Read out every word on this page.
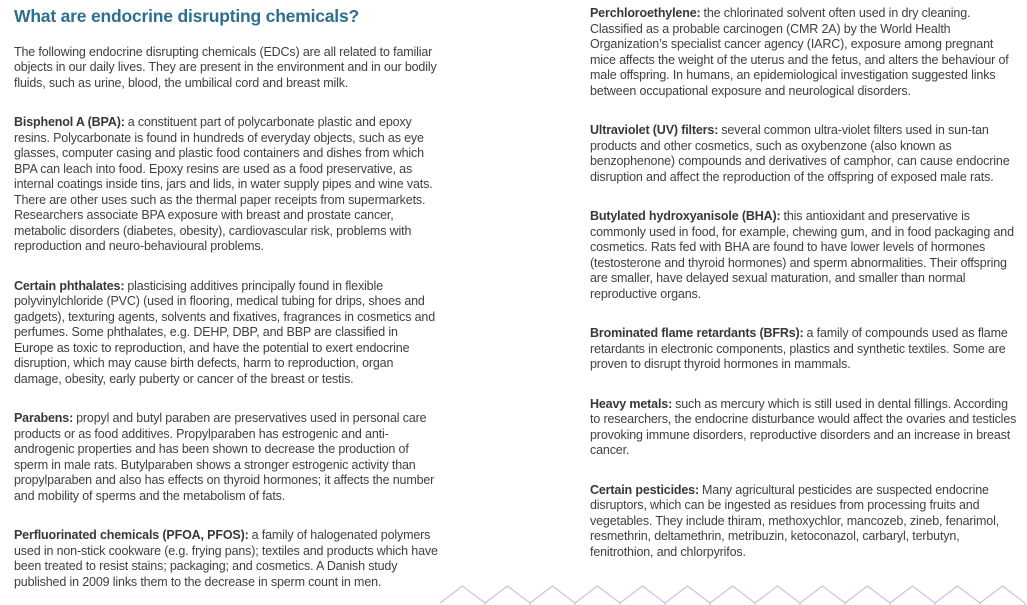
What are endocrine disrupting chemicals?

The following endocrine disrupting chemicals (EDCs) are all related to familiar objects in our daily lives. They are present in the environment and in our bodily fluids, such as urine, blood, the umbilical cord and breast milk.

Bisphenol A (BPA): a constituent part of polycarbonate plastic and epoxy resins. Polycarbonate is found in hundreds of everyday objects, such as eye glasses, computer casing and plastic food containers and dishes from which BPA can leach into food. Epoxy resins are used as a food preservative, as internal coatings inside tins, jars and lids, in water supply pipes and wine vats. There are other uses such as the thermal paper receipts from supermarkets. Researchers associate BPA exposure with breast and prostate cancer, metabolic disorders (diabetes, obesity), cardiovascular risk, problems with reproduction and neuro-behavioural problems.

Certain phthalates: plasticising additives principally found in flexible polyvinylchloride (PVC) (used in flooring, medical tubing for drips, shoes and gadgets), texturing agents, solvents and fixatives, fragrances in cosmetics and perfumes. Some phthalates, e.g. DEHP, DBP, and BBP are classified in Europe as toxic to reproduction, and have the potential to exert endocrine disruption, which may cause birth defects, harm to reproduction, organ damage, obesity, early puberty or cancer of the breast or testis.

Parabens: propyl and butyl paraben are preservatives used in personal care products or as food additives. Propylparaben has estrogenic and anti-androgenic properties and has been shown to decrease the production of sperm in male rats. Butylparaben shows a stronger estrogenic activity than propylparaben and also has effects on thyroid hormones; it affects the number and mobility of sperms and the metabolism of fats.

Perfluorinated chemicals (PFOA, PFOS): a family of halogenated polymers used in non-stick cookware (e.g. frying pans); textiles and products which have been treated to resist stains; packaging; and cosmetics. A Danish study published in 2009 links them to the decrease in sperm count in men.

Perchloroethylene: the chlorinated solvent often used in dry cleaning. Classified as a probable carcinogen (CMR 2A) by the World Health Organization’s specialist cancer agency (IARC), exposure among pregnant mice affects the weight of the uterus and the fetus, and alters the behaviour of male offspring. In humans, an epidemiological investigation suggested links between occupational exposure and neurological disorders.

Ultraviolet (UV) filters: several common ultra-violet filters used in sun-tan products and other cosmetics, such as oxybenzone (also known as benzophenone) compounds and derivatives of camphor, can cause endocrine disruption and affect the reproduction of the offspring of exposed male rats.

Butylated hydroxyanisole (BHA): this antioxidant and preservative is commonly used in food, for example, chewing gum, and in food packaging and cosmetics. Rats fed with BHA are found to have lower levels of hormones (testosterone and thyroid hormones) and sperm abnormalities. Their offspring are smaller, have delayed sexual maturation, and smaller than normal reproductive organs.

Brominated flame retardants (BFRs): a family of compounds used as flame retardants in electronic components, plastics and synthetic textiles. Some are proven to disrupt thyroid hormones in mammals.

Heavy metals: such as mercury which is still used in dental fillings. According to researchers, the endocrine disturbance would affect the ovaries and testicles provoking immune disorders, reproductive disorders and an increase in breast cancer.

Certain pesticides: Many agricultural pesticides are suspected endocrine disruptors, which can be ingested as residues from processing fruits and vegetables. They include thiram, methoxychlor, mancozeb, zineb, fenarimol, resmethrin, deltamethrin, metribuzin, ketoconazol, carbaryl, terbutyn, fenitrothion, and chlorpyrifos.
